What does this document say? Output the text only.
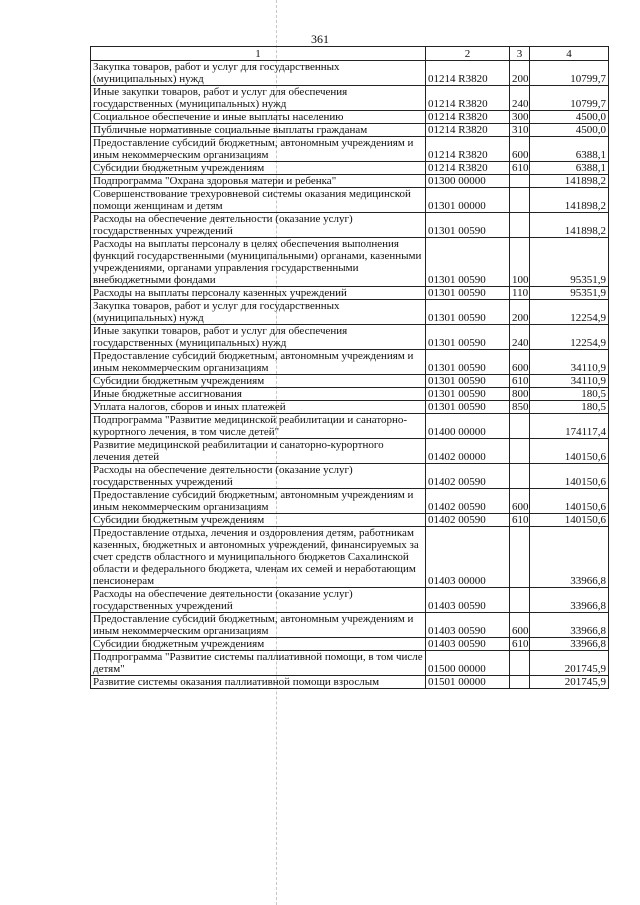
361
1	2	3	4
Закупка товаров, работ и услуг для государственных (муниципальных) нужд	01214 R3820	200	10799,7
Иные закупки товаров, работ и услуг для обеспечения государственных (муниципальных) нужд	01214 R3820	240	10799,7
Социальное обеспечение и иные выплаты населению	01214 R3820	300	4500,0
Публичные нормативные социальные выплаты гражданам	01214 R3820	310	4500,0
Предоставление субсидий бюджетным, автономным учреждениям и иным некоммерческим организациям	01214 R3820	600	6388,1
Субсидии бюджетным учреждениям	01214 R3820	610	6388,1
Подпрограмма "Охрана здоровья матери и ребенка"	01300 00000		141898,2
Совершенствование трехуровневой системы оказания медицинской помощи женщинам и детям	01301 00000		141898,2
Расходы на обеспечение деятельности (оказание услуг) государственных учреждений	01301 00590		141898,2
Расходы на выплаты персоналу в целях обеспечения выполнения функций государственными (муниципальными) органами, казенными учреждениями, органами управления государственными внебюджетными фондами	01301 00590	100	95351,9
Расходы на выплаты персоналу казенных учреждений	01301 00590	110	95351,9
Закупка товаров, работ и услуг для государственных (муниципальных) нужд	01301 00590	200	12254,9
Иные закупки товаров, работ и услуг для обеспечения государственных (муниципальных) нужд	01301 00590	240	12254,9
Предоставление субсидий бюджетным, автономным учреждениям и иным некоммерческим организациям	01301 00590	600	34110,9
Субсидии бюджетным учреждениям	01301 00590	610	34110,9
Иные бюджетные ассигнования	01301 00590	800	180,5
Уплата налогов, сборов и иных платежей	01301 00590	850	180,5
Подпрограмма "Развитие медицинской реабилитации и санаторно-курортного лечения, в том числе детей"	01400 00000		174117,4
Развитие медицинской реабилитации и санаторно-курортного лечения детей	01402 00000		140150,6
Расходы на обеспечение деятельности (оказание услуг) государственных учреждений	01402 00590		140150,6
Предоставление субсидий бюджетным, автономным учреждениям и иным некоммерческим организациям	01402 00590	600	140150,6
Субсидии бюджетным учреждениям	01402 00590	610	140150,6
Предоставление отдыха, лечения и оздоровления детям, работникам казенных, бюджетных и автономных учреждений, финансируемых за счет средств областного и муниципального бюджетов Сахалинской области и федерального бюджета, членам их семей и неработающим пенсионерам	01403 00000		33966,8
Расходы на обеспечение деятельности (оказание услуг) государственных учреждений	01403 00590		33966,8
Предоставление субсидий бюджетным, автономным учреждениям и иным некоммерческим организациям	01403 00590	600	33966,8
Субсидии бюджетным учреждениям	01403 00590	610	33966,8
Подпрограмма "Развитие системы паллиативной помощи, в том числе детям"	01500 00000		201745,9
Развитие системы оказания паллиативной помощи взрослым	01501 00000		201745,9
